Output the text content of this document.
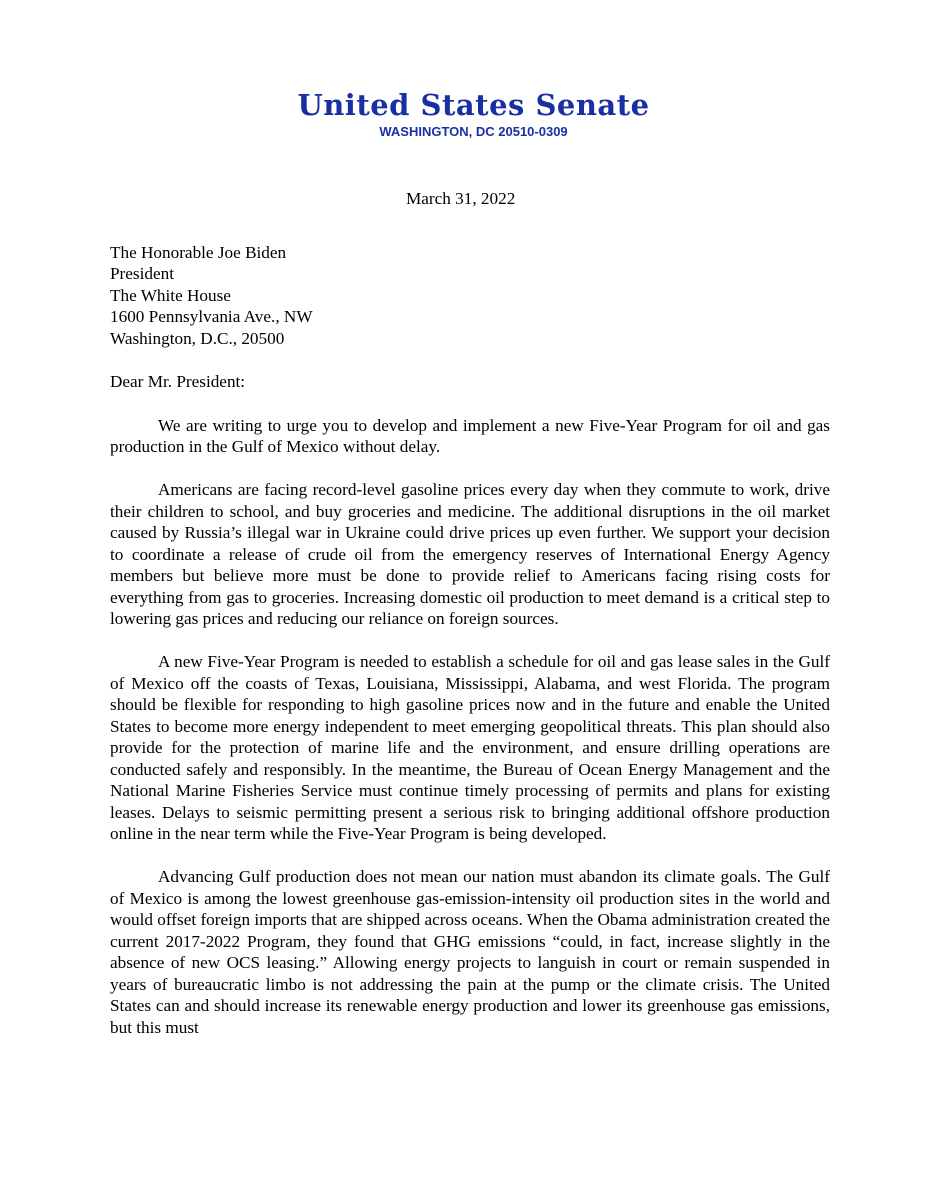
United States Senate
WASHINGTON, DC 20510-0309

March 31, 2022

The Honorable Joe Biden

President

The White House

1600 Pennsylvania Ave., NW

Washington, D.C., 20500

Dear Mr. President:

We are writing to urge you to develop and implement a new Five-Year Program for oil and gas production in the Gulf of Mexico without delay.

Americans are facing record-level gasoline prices every day when they commute to work, drive their children to school, and buy groceries and medicine. The additional disruptions in the oil market caused by Russia’s illegal war in Ukraine could drive prices up even further. We support your decision to coordinate a release of crude oil from the emergency reserves of International Energy Agency members but believe more must be done to provide relief to Americans facing rising costs for everything from gas to groceries. Increasing domestic oil production to meet demand is a critical step to lowering gas prices and reducing our reliance on foreign sources.

A new Five-Year Program is needed to establish a schedule for oil and gas lease sales in the Gulf of Mexico off the coasts of Texas, Louisiana, Mississippi, Alabama, and west Florida. The program should be flexible for responding to high gasoline prices now and in the future and enable the United States to become more energy independent to meet emerging geopolitical threats. This plan should also provide for the protection of marine life and the environment, and ensure drilling operations are conducted safely and responsibly. In the meantime, the Bureau of Ocean Energy Management and the National Marine Fisheries Service must continue timely processing of permits and plans for existing leases. Delays to seismic permitting present a serious risk to bringing additional offshore production online in the near term while the Five-Year Program is being developed.

Advancing Gulf production does not mean our nation must abandon its climate goals. The Gulf of Mexico is among the lowest greenhouse gas-emission-intensity oil production sites in the world and would offset foreign imports that are shipped across oceans. When the Obama administration created the current 2017-2022 Program, they found that GHG emissions “could, in fact, increase slightly in the absence of new OCS leasing.” Allowing energy projects to languish in court or remain suspended in years of bureaucratic limbo is not addressing the pain at the pump or the climate crisis. The United States can and should increase its renewable energy production and lower its greenhouse gas emissions, but this must
